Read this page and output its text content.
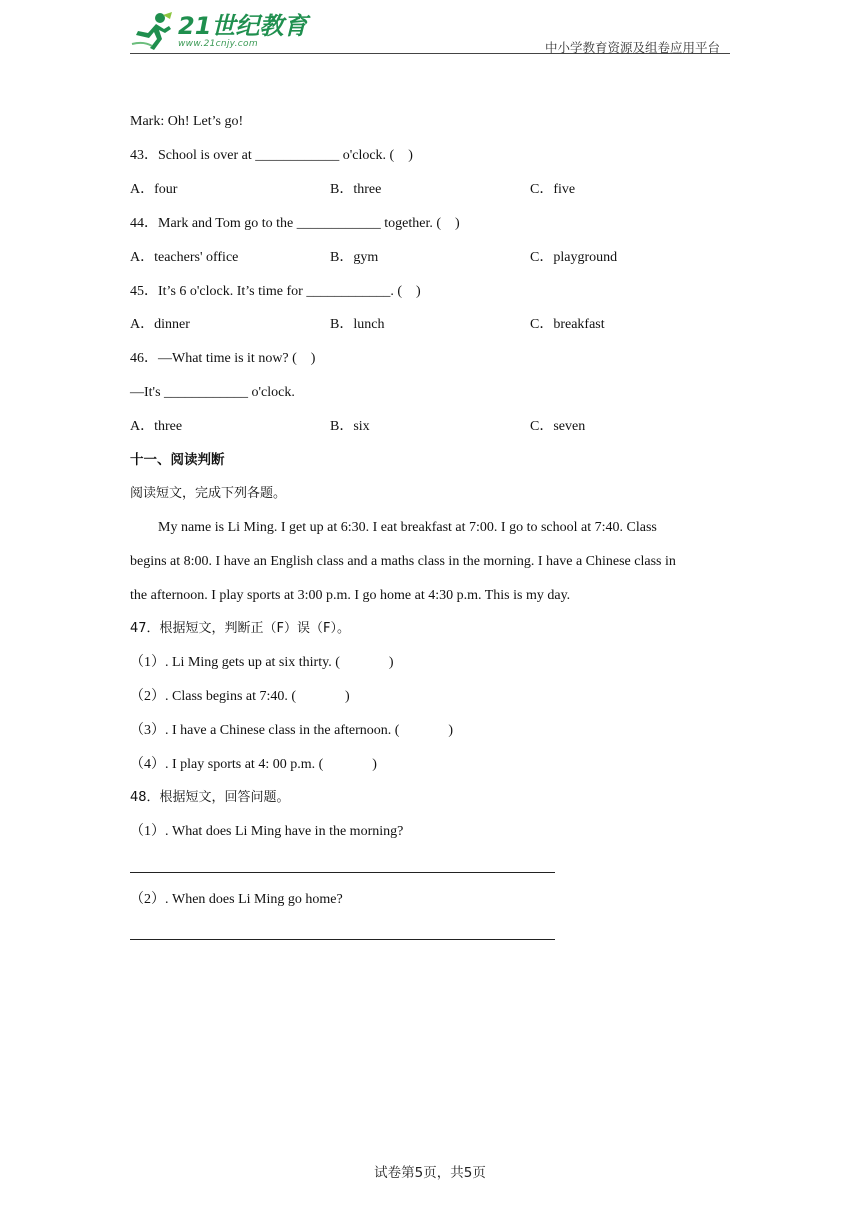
21世纪教育
www.21cnjy.com	中小学教育资源及组卷应用平台
Mark: Oh! Let’s go!
43．School is over at ____________ o'clock. (    )
A．four	B．three	C．five
44．Mark and Tom go to the ____________ together. (    )
A．teachers' office	B．gym	C．playground
45．It’s 6 o'clock. It’s time for ____________. (    )
A．dinner	B．lunch	C．breakfast
46．—What time is it now? (    )
—It's ____________ o'clock.
A．three	B．six	C．seven
十一、阅读判断
阅读短文，完成下列各题。
My name is Li Ming. I get up at 6:30. I eat breakfast at 7:00. I go to school at 7:40. Class
begins at 8:00. I have an English class and a maths class in the morning. I have a Chinese class in
the afternoon. I play sports at 3:00 p.m. I go home at 4:30 p.m. This is my day.
47．根据短文，判断正（F）误（F）。
（1）. Li Ming gets up at six thirty. (              )
（2）. Class begins at 7:40. (              )
（3）. I have a Chinese class in the afternoon. (              )
（4）. I play sports at 4: 00 p.m. (              )
48．根据短文，回答问题。
（1）. What does Li Ming have in the morning?
（2）. When does Li Ming go home?
试卷第5页，共5页
